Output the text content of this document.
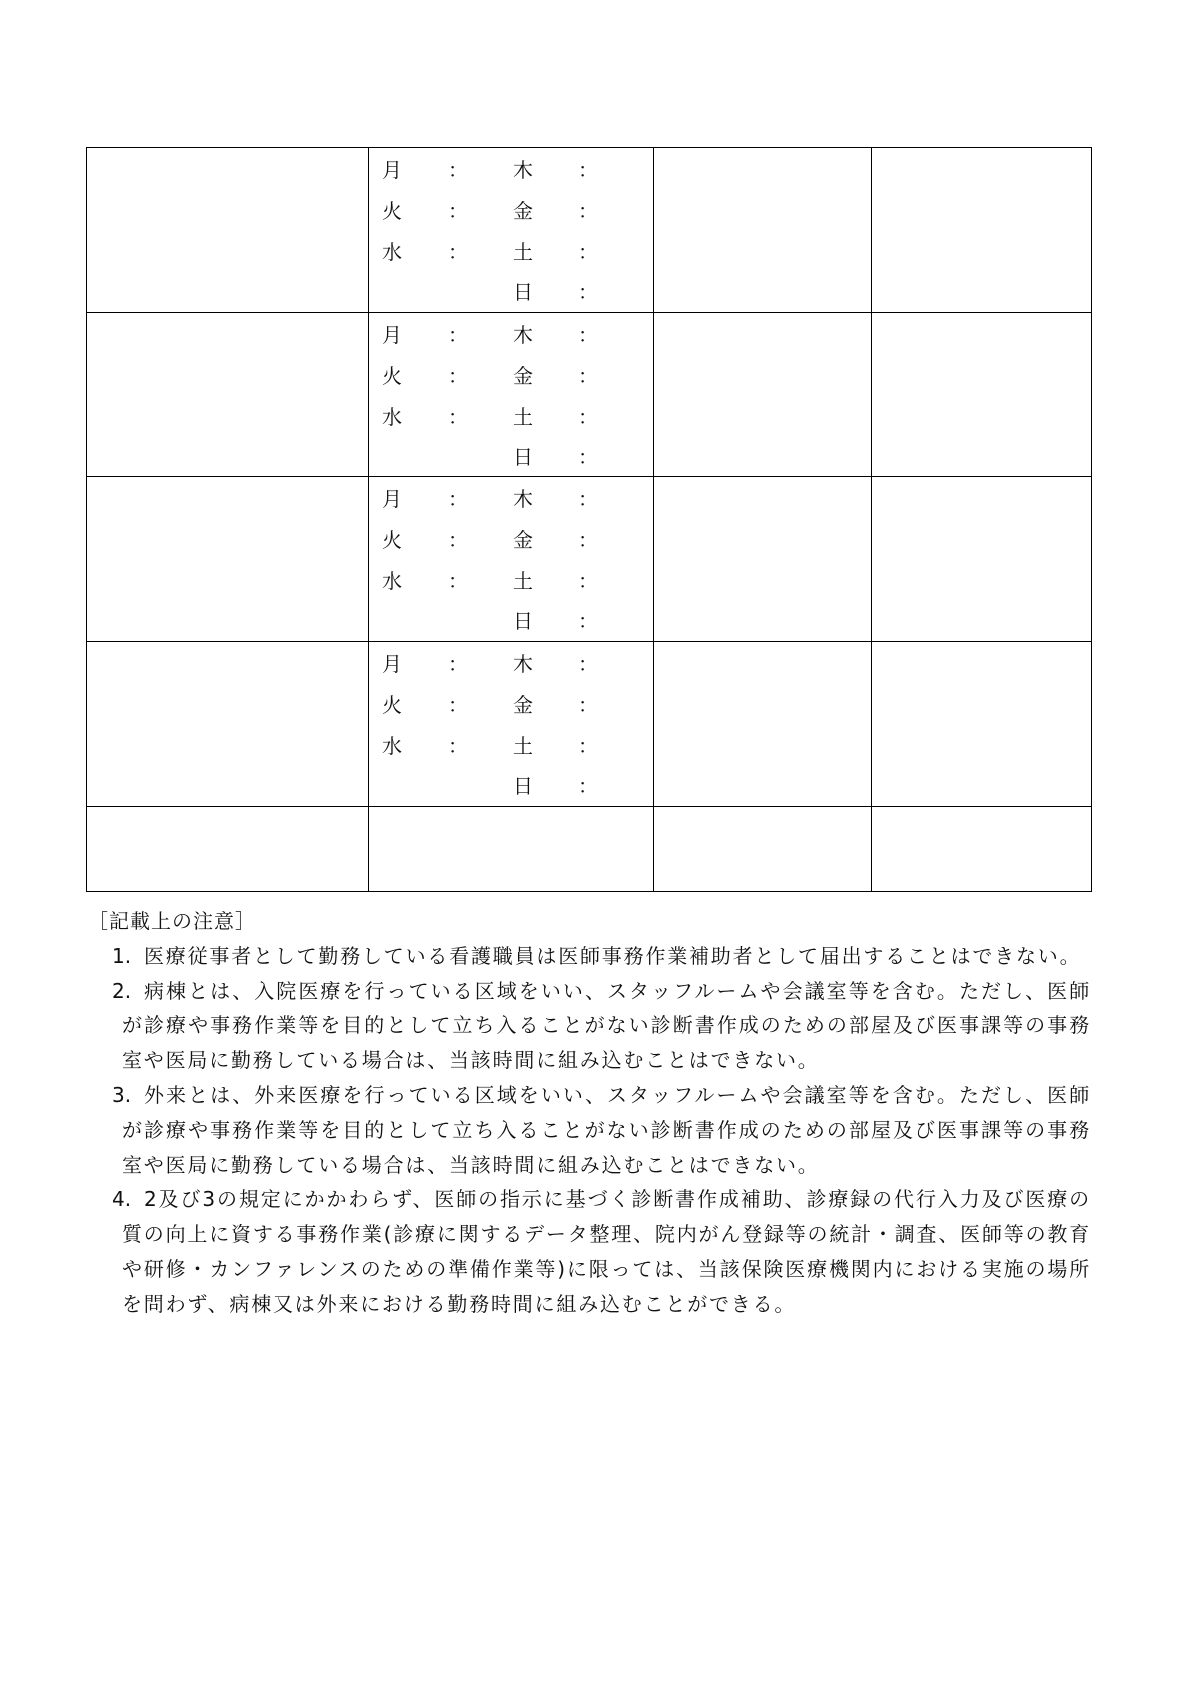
月 ： 木 ：
火 ： 金 ：
水 ： 土 ：
日 ：
月 ： 木 ：
火 ： 金 ：
水 ： 土 ：
日 ：
月 ： 木 ：
火 ： 金 ：
水 ： 土 ：
日 ：
月 ： 木 ：
火 ： 金 ：
水 ： 土 ：
日 ：
［記載上の注意］
1. 医療従事者として勤務している看護職員は医師事務作業補助者として届出することはできない。
2. 病棟とは、入院医療を行っている区域をいい、スタッフルームや会議室等を含む。ただし、医師
が診療や事務作業等を目的として立ち入ることがない診断書作成のための部屋及び医事課等の事務
室や医局に勤務している場合は、当該時間に組み込むことはできない。
3. 外来とは、外来医療を行っている区域をいい、スタッフルームや会議室等を含む。ただし、医師
が診療や事務作業等を目的として立ち入ることがない診断書作成のための部屋及び医事課等の事務
室や医局に勤務している場合は、当該時間に組み込むことはできない。
4. 2及び3の規定にかかわらず、医師の指示に基づく診断書作成補助、診療録の代行入力及び医療の
質の向上に資する事務作業(診療に関するデータ整理、院内がん登録等の統計・調査、医師等の教育
や研修・カンファレンスのための準備作業等)に限っては、当該保険医療機関内における実施の場所
を問わず、病棟又は外来における勤務時間に組み込むことができる。
